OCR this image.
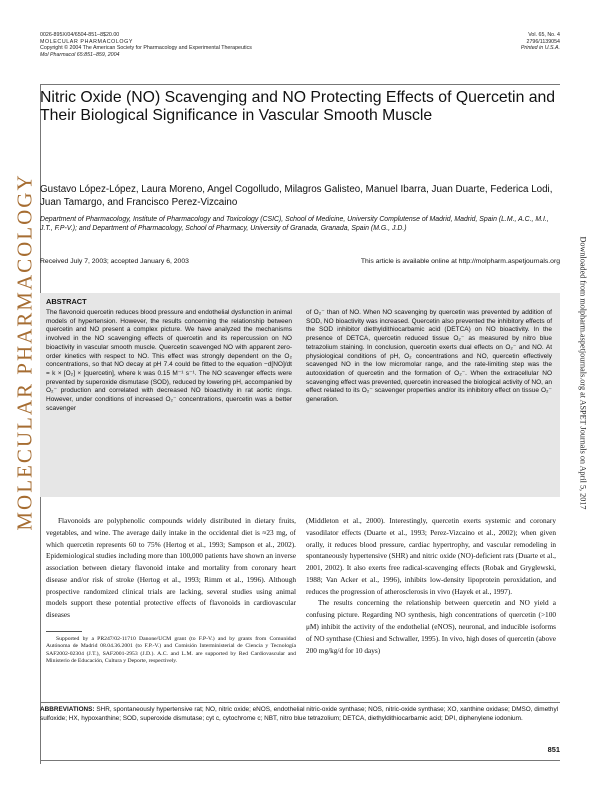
0026-895X/04/6504-851–8$20.00
MOLECULAR PHARMACOLOGY
Copyright © 2004 The American Society for Pharmacology and Experimental Therapeutics
Mol Pharmacol 65:851–859, 2004
Vol. 65, No. 4
2796/1139054
Printed in U.S.A.
MOLECULAR PHARMACOLOGY	Downloaded from molpharm.aspetjournals.org at ASPET Journals on April 5, 2017
Nitric Oxide (NO) Scavenging and NO Protecting Effects of Quercetin and Their Biological Significance in Vascular Smooth Muscle
Gustavo López-López, Laura Moreno, Angel Cogolludo, Milagros Galisteo, Manuel Ibarra, Juan Duarte, Federica Lodi, Juan Tamargo, and Francisco Perez-Vizcaino
Department of Pharmacology, Institute of Pharmacology and Toxicology (CSIC), School of Medicine, University Complutense of Madrid, Madrid, Spain (L.M., A.C., M.I., J.T., F.P-V.); and Department of Pharmacology, School of Pharmacy, University of Granada, Granada, Spain (M.G., J.D.)
Received July 7, 2003; accepted January 6, 2003	This article is available online at http://molpharm.aspetjournals.org
ABSTRACT
The flavonoid quercetin reduces blood pressure and endothelial dysfunction in animal models of hypertension. However, the results concerning the relationship between quercetin and NO present a complex picture. We have analyzed the mechanisms involved in the NO scavenging effects of quercetin and its repercussion on NO bioactivity in vascular smooth muscle. Quercetin scavenged NO with apparent zero-order kinetics with respect to NO. This effect was strongly dependent on the O₂ concentrations, so that NO decay at pH 7.4 could be fitted to the equation −d[NO]/dt = k × [O₂] × [quercetin], where k was 0.15 M⁻¹ s⁻¹. The NO scavenger effects were prevented by superoxide dismutase (SOD), reduced by lowering pH, accompanied by O₂⁻ production and correlated with decreased NO bioactivity in rat aortic rings. However, under conditions of increased O₂⁻ concentrations, quercetin was a better scavenger
of O₂⁻ than of NO. When NO scavenging by quercetin was prevented by addition of SOD, NO bioactivity was increased. Quercetin also prevented the inhibitory effects of the SOD inhibitor diethyldithiocarbamic acid (DETCA) on NO bioactivity. In the presence of DETCA, quercetin reduced tissue O₂⁻ as measured by nitro blue tetrazolium staining. In conclusion, quercetin exerts dual effects on O₂⁻ and NO. At physiological conditions of pH, O₂ concentrations and NO, quercetin effectively scavenged NO in the low micromolar range, and the rate-limiting step was the autooxidation of quercetin and the formation of O₂⁻. When the extracellular NO scavenging effect was prevented, quercetin increased the biological activity of NO, an effect related to its O₂⁻ scavenger properties and/or its inhibitory effect on tissue O₂⁻ generation.

Flavonoids are polyphenolic compounds widely distributed in dietary fruits, vegetables, and wine. The average daily intake in the occidental diet is ≈23 mg, of which quercetin represents 60 to 75% (Hertog et al., 1993; Sampson et al., 2002). Epidemiological studies including more than 100,000 patients have shown an inverse association between dietary flavonoid intake and mortality from coronary heart disease and/or risk of stroke (Hertog et al., 1993; Rimm et al., 1996). Although prospective randomized clinical trials are lacking, several studies using animal models support these potential protective effects of flavonoids in cardiovascular diseases

(Middleton et al., 2000). Interestingly, quercetin exerts systemic and coronary vasodilator effects (Duarte et al., 1993; Perez-Vizcaino et al., 2002); when given orally, it reduces blood pressure, cardiac hypertrophy, and vascular remodeling in spontaneously hypertensive (SHR) and nitric oxide (NO)-deficient rats (Duarte et al., 2001, 2002). It also exerts free radical-scavenging effects (Robak and Gryglewski, 1988; Van Acker et al., 1996), inhibits low-density lipoprotein peroxidation, and reduces the progression of atherosclerosis in vivo (Hayek et al., 1997).

The results concerning the relationship between quercetin and NO yield a confusing picture. Regarding NO synthesis, high concentrations of quercetin (>100 μM) inhibit the activity of the endothelial (eNOS), neuronal, and inducible isoforms of NO synthase (Chiesi and Schwaller, 1995). In vivo, high doses of quercetin (above 200 mg/kg/d for 10 days)

Supported by a PR247/02-11710 Danone/UCM grant (to F.P-V.) and by grants from Comunidad Autónoma de Madrid 08.04.36.2001 (to F.P.-V.) and Comisión Interministerial de Ciencia y Tecnología SAF2002-02304 (J.T.), SAF2001-2953 (J.D.). A.C. and L.M. are supported by Red Cardiovascular and Ministerio de Educación, Cultura y Deporte, respectively.
ABBREVIATIONS: SHR, spontaneously hypertensive rat; NO, nitric oxide; eNOS, endothelial nitric-oxide synthase; NOS, nitric-oxide synthase; XO, xanthine oxidase; DMSO, dimethyl sulfoxide; HX, hypoxanthine; SOD, superoxide dismutase; cyt c, cytochrome c; NBT, nitro blue tetrazolium; DETCA, diethyldithiocarbamic acid; DPI, diphenylene iodonium.
851
